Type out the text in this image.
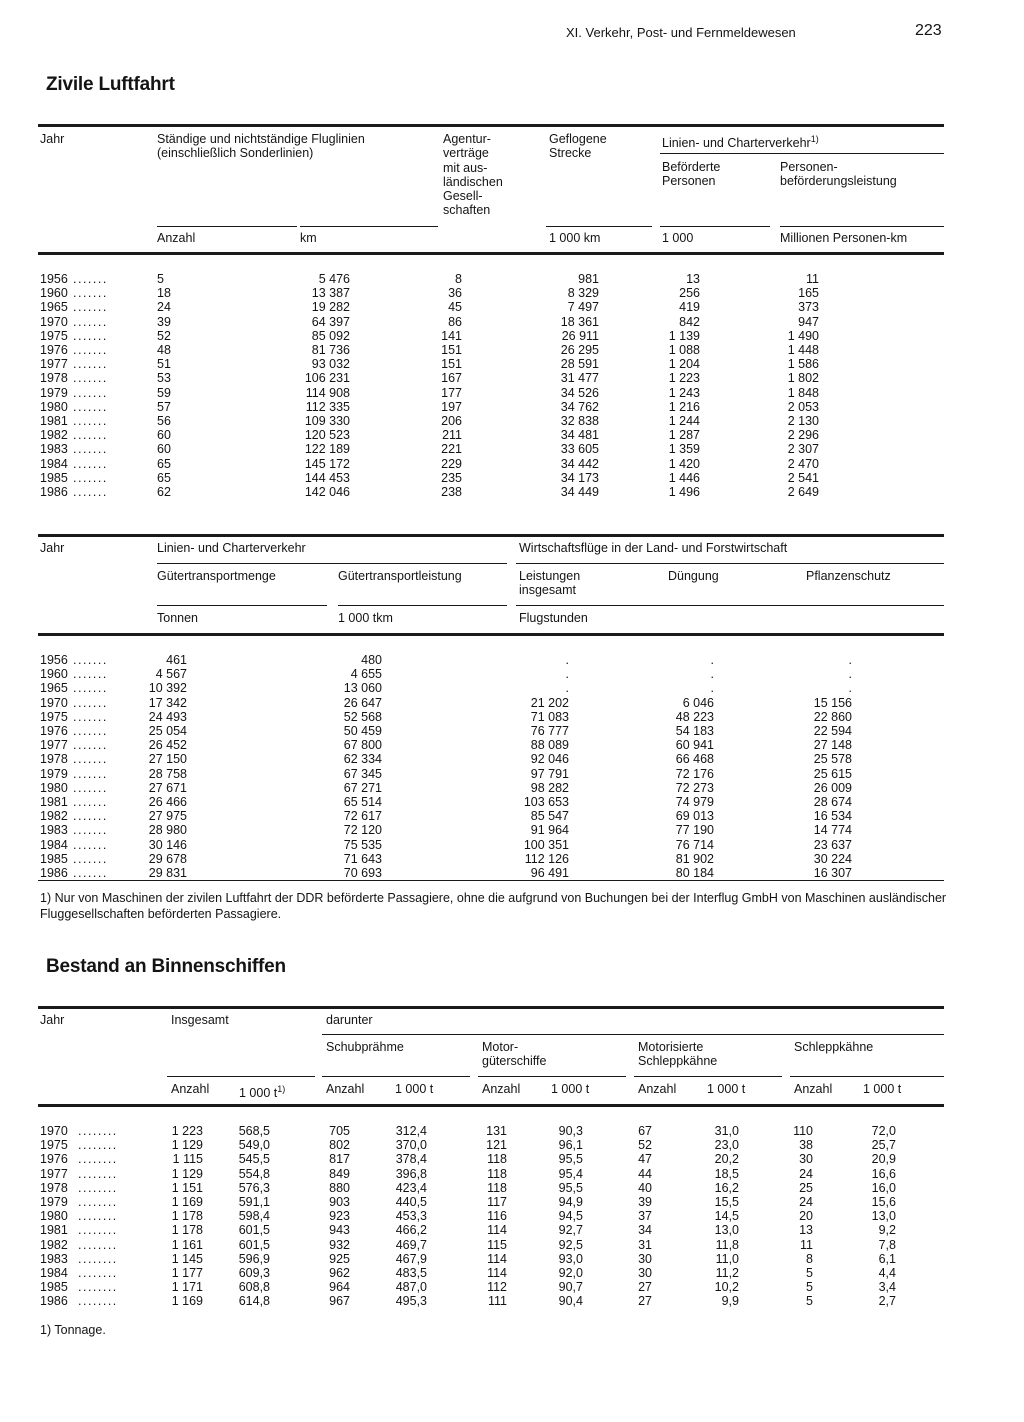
XI. Verkehr, Post- und Fernmeldewesen	223
Zivile Luftfahrt
Jahr	Ständige und nichtständige Fluglinien
(einschließlich Sonderlinien)
Agentur-
verträge
mit aus-
ländischen
Gesell-
schaften
Geflogene
Strecke
Linien- und Charterverkehr$^{1)}$
Beförderte
Personen
Personen-
beförderungsleistung
Anzahl	km	1 000 km	1 000	Millionen Personen-km
1956 .......	5	5 476	8	981	13	11
1960 .......	18	13 387	36	8 329	256	165
1965 .......	24	19 282	45	7 497	419	373
1970 .......	39	64 397	86	18 361	842	947
1975 .......	52	85 092	141	26 911	1 139	1 490
1976 .......	48	81 736	151	26 295	1 088	1 448
1977 .......	51	93 032	151	28 591	1 204	1 586
1978 .......	53	106 231	167	31 477	1 223	1 802
1979 .......	59	114 908	177	34 526	1 243	1 848
1980 .......	57	112 335	197	34 762	1 216	2 053
1981 .......	56	109 330	206	32 838	1 244	2 130
1982 .......	60	120 523	211	34 481	1 287	2 296
1983 .......	60	122 189	221	33 605	1 359	2 307
1984 .......	65	145 172	229	34 442	1 420	2 470
1985 .......	65	144 453	235	34 173	1 446	2 541
1986 .......	62	142 046	238	34 449	1 496	2 649
Jahr	Linien- und Charterverkehr	Wirtschaftsflüge in der Land- und Forstwirtschaft
Gütertransportmenge	Gütertransportleistung	Leistungen
insgesamt
Düngung	Pflanzenschutz
Tonnen	1 000 tkm	Flugstunden
1956 .......	461	480	.	.	.
1960 .......	4 567	4 655	.	.	.
1965 .......	10 392	13 060	.	.	.
1970 .......	17 342	26 647	21 202	6 046	15 156
1975 .......	24 493	52 568	71 083	48 223	22 860
1976 .......	25 054	50 459	76 777	54 183	22 594
1977 .......	26 452	67 800	88 089	60 941	27 148
1978 .......	27 150	62 334	92 046	66 468	25 578
1979 .......	28 758	67 345	97 791	72 176	25 615
1980 .......	27 671	67 271	98 282	72 273	26 009
1981 .......	26 466	65 514	103 653	74 979	28 674
1982 .......	27 975	72 617	85 547	69 013	16 534
1983 .......	28 980	72 120	91 964	77 190	14 774
1984 .......	30 146	75 535	100 351	76 714	23 637
1985 .......	29 678	71 643	112 126	81 902	30 224
1986 .......	29 831	70 693	96 491	80 184	16 307
1) Nur von Maschinen der zivilen Luftfahrt der DDR beförderte Passagiere, ohne die aufgrund von Buchungen bei der Interflug GmbH von Maschinen ausländischer Fluggesellschaften beförderten Passagiere.
Bestand an Binnenschiffen
Jahr	Insgesamt	darunter
Schubprähme	Motor-
güterschiffe
Motorisierte
Schleppkähne
Schleppkähne
Anzahl 1 000 $t^{1)}$	Anzahl 1 000 t	Anzahl 1 000 t	Anzahl 1 000 t	Anzahl 1 000 t
1970 ........	1 223	568,5	705	312,4	131	90,3	67	31,0	110	72,0
1975 ........	1 129	549,0	802	370,0	121	96,1	52	23,0	38	25,7
1976 ........	1 115	545,5	817	378,4	118	95,5	47	20,2	30	20,9
1977 ........	1 129	554,8	849	396,8	118	95,4	44	18,5	24	16,6
1978 ........	1 151	576,3	880	423,4	118	95,5	40	16,2	25	16,0
1979 ........	1 169	591,1	903	440,5	117	94,9	39	15,5	24	15,6
1980 ........	1 178	598,4	923	453,3	116	94,5	37	14,5	20	13,0
1981 ........	1 178	601,5	943	466,2	114	92,7	34	13,0	13	9,2
1982 ........	1 161	601,5	932	469,7	115	92,5	31	11,8	11	7,8
1983 ........	1 145	596,9	925	467,9	114	93,0	30	11,0	8	6,1
1984 ........	1 177	609,3	962	483,5	114	92,0	30	11,2	5	4,4
1985 ........	1 171	608,8	964	487,0	112	90,7	27	10,2	5	3,4
1986 ........	1 169	614,8	967	495,3	111	90,4	27	9,9	5	2,7
1) Tonnage.
